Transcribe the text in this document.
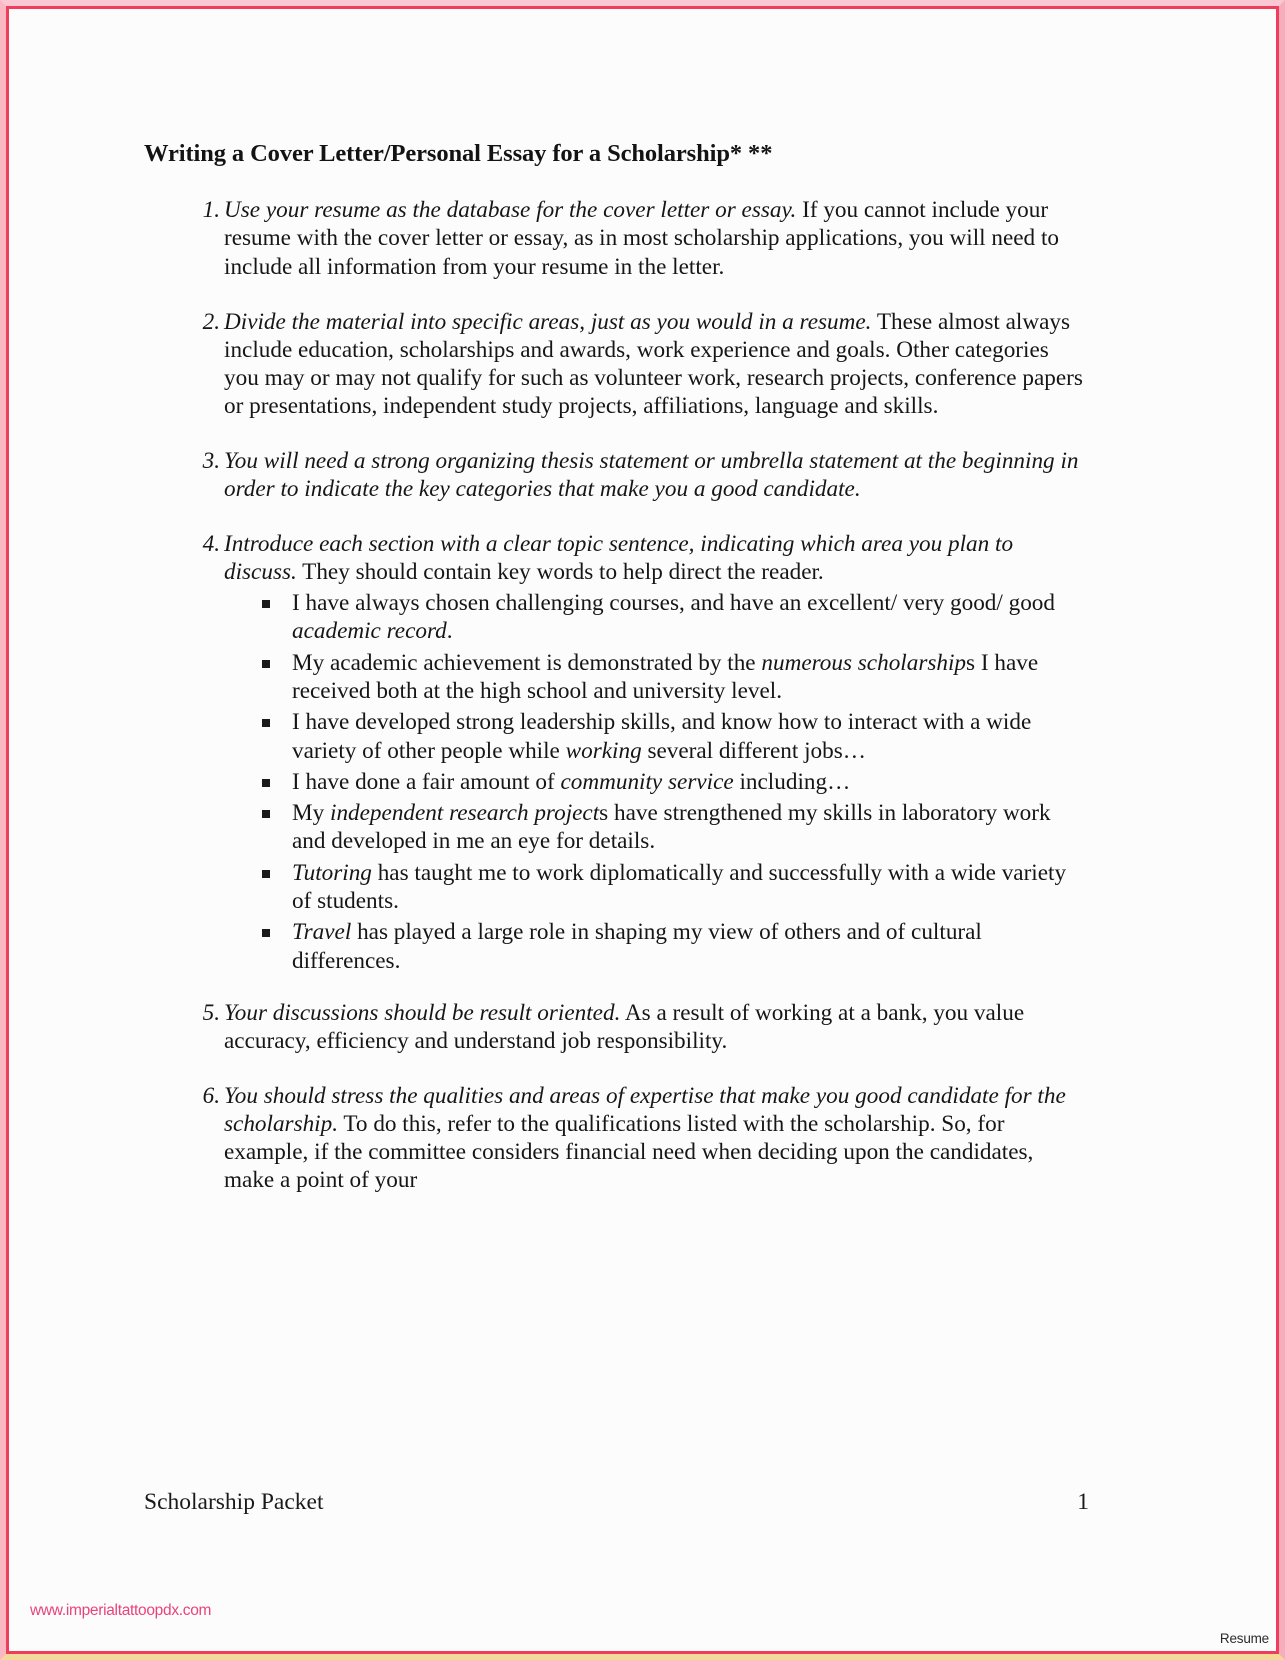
Writing a Cover Letter/Personal Essay for a Scholarship* **
1. Use your resume as the database for the cover letter or essay. If you cannot include your resume with the cover letter or essay, as in most scholarship applications, you will need to include all information from your resume in the letter.
2. Divide the material into specific areas, just as you would in a resume. These almost always include education, scholarships and awards, work experience and goals. Other categories you may or may not qualify for such as volunteer work, research projects, conference papers or presentations, independent study projects, affiliations, language and skills.
3. You will need a strong organizing thesis statement or umbrella statement at the beginning in order to indicate the key categories that make you a good candidate.
4. Introduce each section with a clear topic sentence, indicating which area you plan to discuss. They should contain key words to help direct the reader.
I have always chosen challenging courses, and have an excellent/ very good/ good academic record.
My academic achievement is demonstrated by the numerous scholarships I have received both at the high school and university level.
I have developed strong leadership skills, and know how to interact with a wide variety of other people while working several different jobs…
I have done a fair amount of community service including…
My independent research projects have strengthened my skills in laboratory work and developed in me an eye for details.
Tutoring has taught me to work diplomatically and successfully with a wide variety of students.
Travel has played a large role in shaping my view of others and of cultural differences.
5. Your discussions should be result oriented. As a result of working at a bank, you value accuracy, efficiency and understand job responsibility.
6. You should stress the qualities and areas of expertise that make you good candidate for the scholarship. To do this, refer to the qualifications listed with the scholarship. So, for example, if the committee considers financial need when deciding upon the candidates, make a point of your
Scholarship Packet	1
www.imperialtattoopdx.com
Resume
